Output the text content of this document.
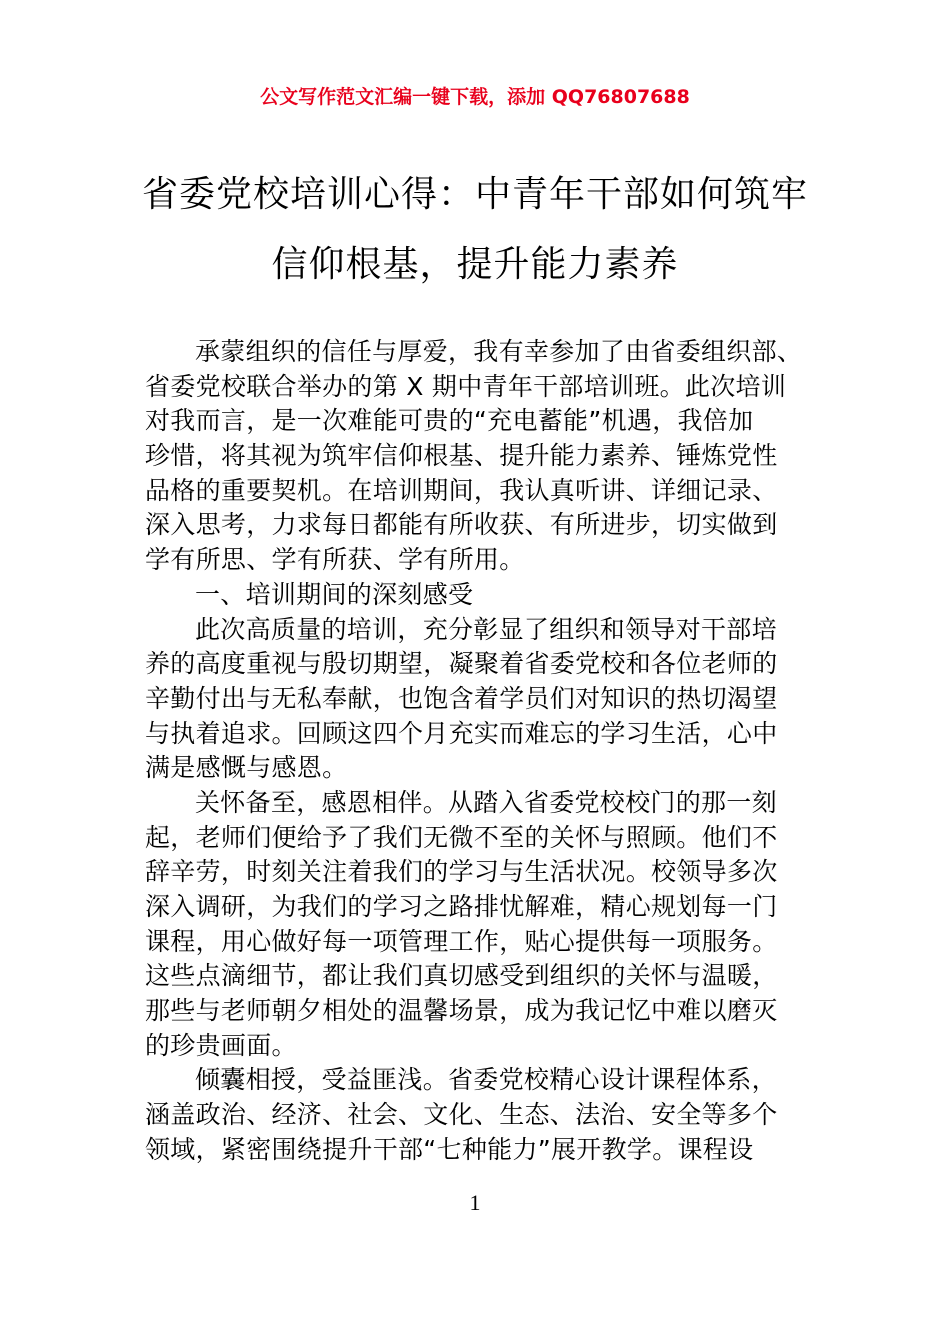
公文写作范文汇编一键下载，添加 QQ76807688
省委党校培训心得：中青年干部如何筑牢
信仰根基，提升能力素养
承蒙组织的信任与厚爱，我有幸参加了由省委组织部、
省委党校联合举办的第 X 期中青年干部培训班。此次培训
对我而言，是一次难能可贵的“充电蓄能”机遇，我倍加
珍惜，将其视为筑牢信仰根基、提升能力素养、锤炼党性
品格的重要契机。在培训期间，我认真听讲、详细记录、
深入思考，力求每日都能有所收获、有所进步，切实做到
学有所思、学有所获、学有所用。
一、培训期间的深刻感受
此次高质量的培训，充分彰显了组织和领导对干部培
养的高度重视与殷切期望，凝聚着省委党校和各位老师的
辛勤付出与无私奉献，也饱含着学员们对知识的热切渴望
与执着追求。回顾这四个月充实而难忘的学习生活，心中
满是感慨与感恩。
关怀备至，感恩相伴。从踏入省委党校校门的那一刻
起，老师们便给予了我们无微不至的关怀与照顾。他们不
辞辛劳，时刻关注着我们的学习与生活状况。校领导多次
深入调研，为我们的学习之路排忧解难，精心规划每一门
课程，用心做好每一项管理工作，贴心提供每一项服务。
这些点滴细节，都让我们真切感受到组织的关怀与温暖，
那些与老师朝夕相处的温馨场景，成为我记忆中难以磨灭
的珍贵画面。
倾囊相授，受益匪浅。省委党校精心设计课程体系，
涵盖政治、经济、社会、文化、生态、法治、安全等多个
领域，紧密围绕提升干部“七种能力”展开教学。课程设
1
